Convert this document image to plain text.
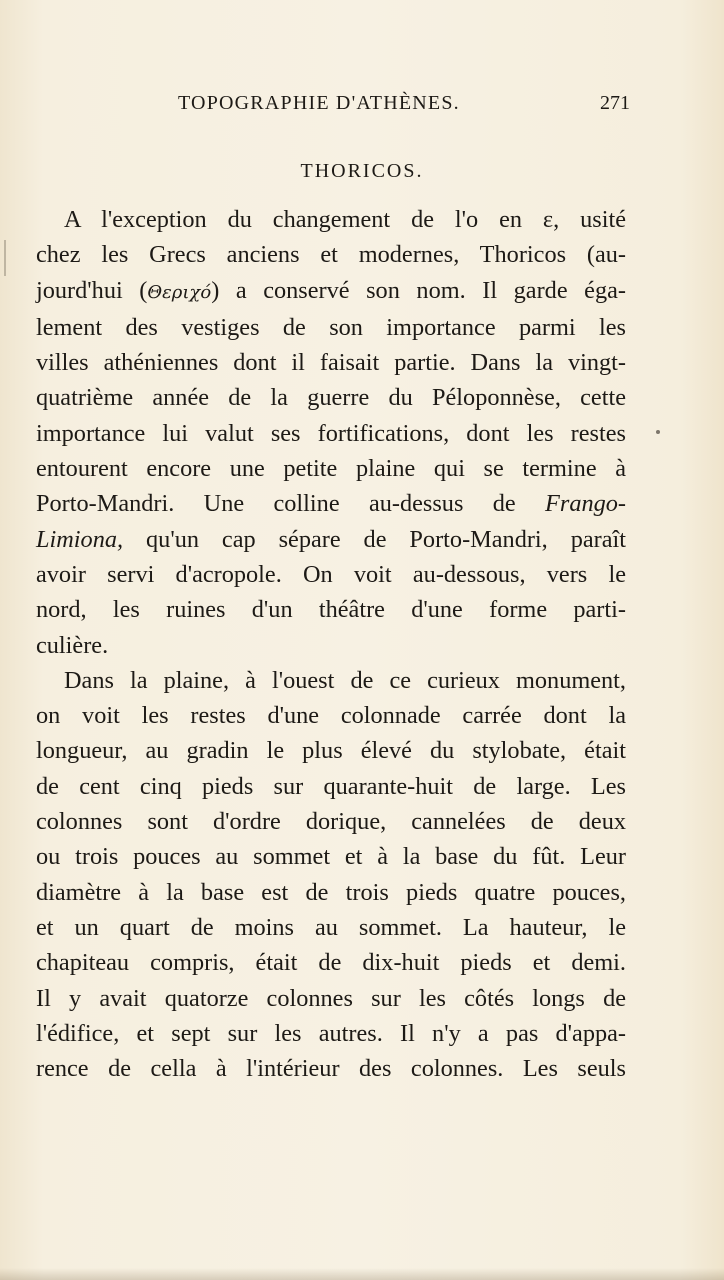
TOPOGRAPHIE D'ATHÈNES.	271
THORICOS.
A l'exception du changement de l'o en ε, usité
chez les Grecs anciens et modernes, Thoricos (au-
jourd'hui (Θεριχό) a conservé son nom. Il garde éga-
lement des vestiges de son importance parmi les
villes athéniennes dont il faisait partie. Dans la vingt-
quatrième année de la guerre du Péloponnèse, cette
importance lui valut ses fortifications, dont les restes
entourent encore une petite plaine qui se termine à
Porto-Mandri. Une colline au-dessus de Frango-
Limiona, qu'un cap sépare de Porto-Mandri, paraît
avoir servi d'acropole. On voit au-dessous, vers le
nord, les ruines d'un théâtre d'une forme parti-
culière.
Dans la plaine, à l'ouest de ce curieux monument,
on voit les restes d'une colonnade carrée dont la
longueur, au gradin le plus élevé du stylobate, était
de cent cinq pieds sur quarante-huit de large. Les
colonnes sont d'ordre dorique, cannelées de deux
ou trois pouces au sommet et à la base du fût. Leur
diamètre à la base est de trois pieds quatre pouces,
et un quart de moins au sommet. La hauteur, le
chapiteau compris, était de dix-huit pieds et demi.
Il y avait quatorze colonnes sur les côtés longs de
l'édifice, et sept sur les autres. Il n'y a pas d'appa-
rence de cella à l'intérieur des colonnes. Les seuls
